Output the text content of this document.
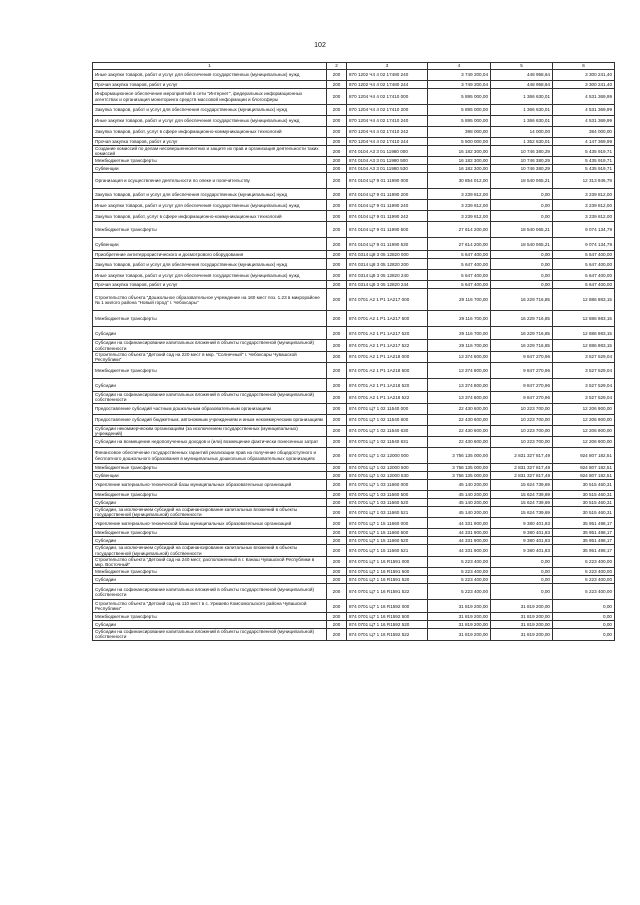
102
1	2	3	4	5	6
Иные закупки товаров, работ и услуг для обеспечения государственных (муниципальных) нужд	200	870 1202 Ч4 4 02 17480 240	3 749 200,04	448 958,64	3 300 241,40
Прочая закупка товаров, работ и услуг	200	870 1202 Ч4 4 02 17480 244	3 749 200,04	448 958,64	3 300 241,40
Информационное обеспечение мероприятий в сети "Интернет", федеральных информационных агентствах и организация мониторинга средств массовой информации и блогосферы	200	870 1204 Ч4 4 02 17410 000	5 895 000,00	1 366 630,01	4 531 369,99
Закупка товаров, работ и услуг для обеспечения государственных (муниципальных) нужд	200	870 1204 Ч4 4 02 17410 200	5 895 000,00	1 366 630,01	4 531 369,99
Иные закупки товаров, работ и услуг для обеспечения государственных (муниципальных) нужд	200	870 1204 Ч4 4 02 17410 240	5 895 000,00	1 366 630,01	4 531 369,99
Закупка товаров, работ, услуг в сфере информационно-коммуникационных технологий	200	870 1204 Ч4 4 02 17410 242	398 000,00	14 000,00	384 000,00
Прочая закупка товаров, работ и услуг	200	870 1204 Ч4 4 02 17410 244	5 500 000,00	1 352 630,01	4 147 369,99
Создание комиссий по делам несовершеннолетних и защите их прав и организация деятельности таких комиссий	200	874 0104 А3 3 01 11980 000	16 182 300,00	10 746 380,29	5 435 919,71
Межбюджетные трансферты	200	874 0104 А3 3 01 11980 500	16 182 300,00	10 746 380,29	5 435 919,71
Субвенции	200	874 0104 А3 3 01 11980 530	16 182 300,00	10 746 380,29	5 435 919,71
Организация и осуществление деятельности по опеке и попечительству	200	874 0104 Ц7 9 01 11990 000	30 854 012,00	18 540 065,21	12 313 946,79
Закупка товаров, работ и услуг для обеспечения государственных (муниципальных) нужд	200	874 0104 Ц7 9 01 11990 200	3 239 812,00	0,00	3 239 812,00
Иные закупки товаров, работ и услуг для обеспечения государственных (муниципальных) нужд	200	874 0104 Ц7 9 01 11990 240	3 239 812,00	0,00	3 239 812,00
Закупка товаров, работ, услуг в сфере информационно-коммуникационных технологий	200	874 0104 Ц7 9 01 11990 242	3 239 812,00	0,00	3 239 812,00
Межбюджетные трансферты	200	874 0104 Ц7 9 01 11990 500	27 614 200,00	18 540 065,21	9 074 134,79
Субвенции	200	874 0104 Ц7 9 01 11990 530	27 614 200,00	18 540 065,21	9 074 134,79
Приобретение антитеррористического и досмотрового оборудования	200	874 0314 Ц8 3 05 12820 000	5 647 400,00	0,00	5 647 400,00
Закупка товаров, работ и услуг для обеспечения государственных (муниципальных) нужд	200	874 0314 Ц8 3 05 12820 200	5 647 400,00	0,00	5 647 400,00
Иные закупки товаров, работ и услуг для обеспечения государственных (муниципальных) нужд	200	874 0314 Ц8 3 05 12820 240	5 647 400,00	0,00	5 647 400,00
Прочая закупка товаров, работ и услуг	200	874 0314 Ц8 3 05 12820 244	5 647 400,00	0,00	5 647 400,00
Строительство объекта "Дошкольное образовательное учреждение на 160 мест поз. 1.23 в микрорайоне № 1 жилого района "Новый город" г. Чебоксары"	200	874 0701 А2 1 Р1 1А217 000	29 116 700,00	16 229 716,85	12 886 983,15
Межбюджетные трансферты	200	874 0701 А2 1 Р1 1А217 500	29 116 700,00	16 229 716,85	12 886 983,15
Субсидии	200	874 0701 А2 1 Р1 1А217 520	29 116 700,00	16 229 716,85	12 886 983,15
Субсидии на софинансирование капитальных вложений в объекты государственной (муниципальной) собственности	200	874 0701 А2 1 Р1 1А217 522	29 116 700,00	16 229 716,85	12 886 983,15
Строительство объекта "Детский сад на 220 мест в мкр. "Солнечный" г. Чебоксары Чувашской Республики"	200	874 0701 А2 1 Р1 1А218 000	13 374 800,00	9 847 270,96	3 527 529,04
Межбюджетные трансферты	200	874 0701 А2 1 Р1 1А218 500	13 374 800,00	9 847 270,96	3 527 529,04
Субсидии	200	874 0701 А2 1 Р1 1А218 520	13 374 800,00	9 847 270,96	3 527 529,04
Субсидии на софинансирование капитальных вложений в объекты государственной (муниципальной) собственности	200	874 0701 А2 1 Р1 1А218 522	13 374 800,00	9 847 270,96	3 527 529,04
Предоставление субсидий частным дошкольным образовательным организациям	200	874 0701 Ц7 1 02 11540 000	22 430 600,00	10 223 700,00	12 206 900,00
Предоставление субсидий бюджетным, автономным учреждениям и иным некоммерческим организациям	200	874 0701 Ц7 1 02 11540 600	22 430 600,00	10 223 700,00	12 206 900,00
Субсидии некоммерческим организациям (за исключением государственных (муниципальных) учреждений)	200	874 0701 Ц7 1 02 11540 630	22 430 600,00	10 223 700,00	12 206 900,00
Субсидии на возмещение недополученных доходов и (или) возмещение фактически понесенных затрат	200	874 0701 Ц7 1 02 11540 631	22 430 600,00	10 223 700,00	12 206 900,00
Финансовое обеспечение государственных гарантий реализации прав на получение общедоступного и бесплатного дошкольного образования в муниципальных дошкольных образовательных организациях	200	874 0701 Ц7 1 02 12000 000	3 756 135 000,00	2 831 327 817,49	924 807 182,51
Межбюджетные трансферты	200	874 0701 Ц7 1 02 12000 500	3 756 135 000,00	2 831 327 817,49	924 807 182,51
Субвенции	200	874 0701 Ц7 1 02 12000 530	3 756 135 000,00	2 831 327 817,49	924 807 182,51
Укрепление материально-технической базы муниципальных образовательных организаций	200	874 0701 Ц7 1 03 11660 000	45 140 200,00	15 624 739,69	30 515 460,31
Межбюджетные трансферты	200	874 0701 Ц7 1 03 11660 500	45 140 200,00	15 624 739,69	30 515 460,31
Субсидии	200	874 0701 Ц7 1 03 11660 520	45 140 200,00	15 624 739,69	30 515 460,31
Субсидии, за исключением субсидий на софинансирование капитальных вложений в объекты государственной (муниципальной) собственности	200	874 0701 Ц7 1 03 11660 521	45 140 200,00	15 624 739,69	30 515 460,31
Укрепление материально-технической базы муниципальных образовательных организаций	200	874 0701 Ц7 1 15 11660 000	44 331 900,00	9 380 401,83	35 951 498,17
Межбюджетные трансферты	200	874 0701 Ц7 1 15 11660 500	44 331 900,00	9 380 401,83	35 951 498,17
Субсидии	200	874 0701 Ц7 1 15 11660 520	44 331 900,00	9 380 401,83	35 951 498,17
Субсидии, за исключением субсидий на софинансирование капитальных вложений в объекты государственной (муниципальной) собственности	200	874 0701 Ц7 1 15 11660 521	44 331 900,00	9 380 401,83	35 951 498,17
Строительство объекта "Детский сад на 240 мест, расположенный в г. Канаш Чувашской Республики в мкр. Восточный"	200	874 0701 Ц7 1 16 R1591 000	5 223 400,00	0,00	5 223 400,00
Межбюджетные трансферты	200	874 0701 Ц7 1 16 R1591 500	5 223 400,00	0,00	5 223 400,00
Субсидии	200	874 0701 Ц7 1 16 R1591 520	5 223 400,00	0,00	5 223 400,00
Субсидии на софинансирование капитальных вложений в объекты государственной (муниципальной) собственности	200	874 0701 Ц7 1 16 R1591 522	5 223 400,00	0,00	5 223 400,00
Строительство объекта "Детский сад на 110 мест в с. Урмаево Комсомольского района Чувашской Республики"	200	874 0701 Ц7 1 16 R1592 000	31 819 200,00	31 819 200,00	0,00
Межбюджетные трансферты	200	874 0701 Ц7 1 16 R1592 500	31 819 200,00	31 819 200,00	0,00
Субсидии	200	874 0701 Ц7 1 16 R1592 520	31 819 200,00	31 819 200,00	0,00
Субсидии на софинансирование капитальных вложений в объекты государственной (муниципальной) собственности	200	874 0701 Ц7 1 16 R1592 522	31 819 200,00	31 819 200,00	0,00
